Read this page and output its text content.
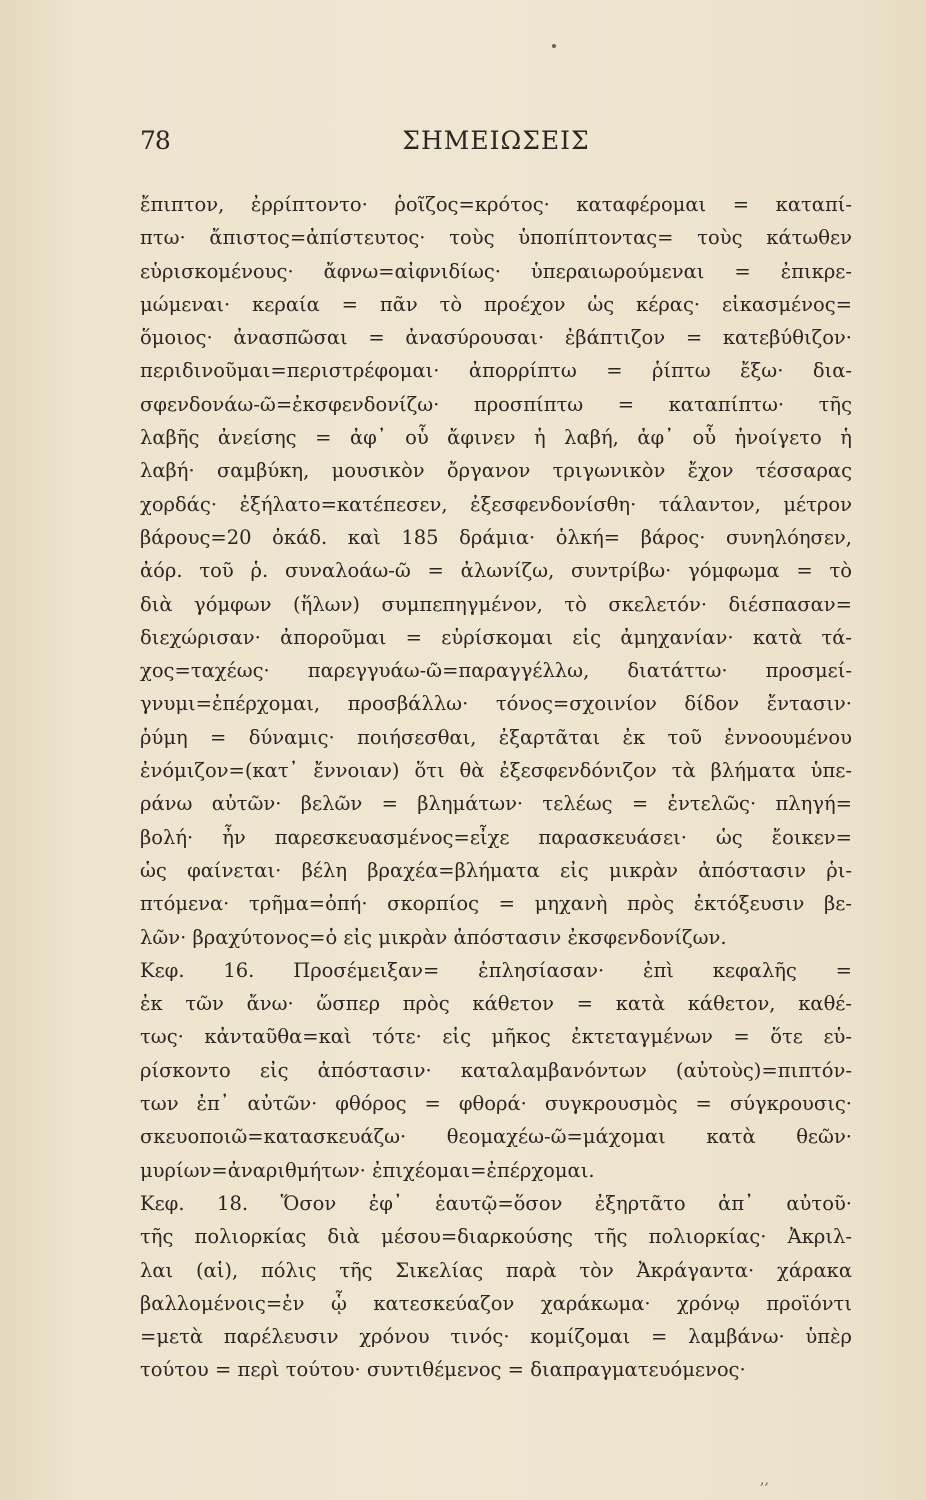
78	ΣΗΜΕΙΩΣΕΙΣ
ἔπιπτον, ἐρρίπτοντο· ῥοῖζος=κρότος· καταφέρομαι = καταπί-
πτω· ἄπιστος=ἀπίστευτος· τοὺς ὑποπίπτοντας= τοὺς κάτωθεν
εὑρισκομένους· ἄφνω=αἰφνιδίως· ὑπεραιωρούμεναι = ἐπικρε-
μώμεναι· κεραία = πᾶν τὸ προέχον ὡς κέρας· εἰκασμένος=
ὅμοιος· ἀνασπῶσαι = ἀνασύρουσαι· ἐβάπτιζον = κατεβύθιζον·
περιδινοῦμαι=περιστρέφομαι· ἀπορρίπτω = ῥίπτω ἔξω· δια-
σφενδονάω-ῶ=ἐκσφενδονίζω· προσπίπτω = καταπίπτω· τῆς
λαβῆς ἀνείσης = ἀφ᾽ οὗ ἄφινεν ἡ λαβή, ἀφ᾽ οὗ ἠνοίγετο ἡ
λαβή· σαμβύκη, μουσικὸν ὄργανον τριγωνικὸν ἔχον τέσσαρας
χορδάς· ἐξήλατο=κατέπεσεν, ἐξεσφενδονίσθη· τάλαντον, μέτρον
βάρους=20 ὀκάδ. καὶ 185 δράμια· ὁλκή= βάρος· συνηλόησεν,
ἀόρ. τοῦ ῥ. συναλοάω-ῶ = ἀλωνίζω, συντρίβω· γόμφωμα = τὸ
διὰ γόμφων (ἥλων) συμπεπηγμένον, τὸ σκελετόν· διέσπασαν=
διεχώρισαν· ἀποροῦμαι = εὑρίσκομαι εἰς ἀμηχανίαν· κατὰ τά-
χος=ταχέως· παρεγγυάω-ῶ=παραγγέλλω, διατάττω· προσμεί-
γνυμι=ἐπέρχομαι, προσβάλλω· τόνος=σχοινίον δίδον ἔντασιν·
ῥύμη = δύναμις· ποιήσεσθαι, ἐξαρτᾶται ἐκ τοῦ ἐννοουμένου
ἐνόμιζον=(κατ᾽ ἔννοιαν) ὅτι θὰ ἐξεσφενδόνιζον τὰ βλήματα ὑπε-
ράνω αὐτῶν· βελῶν = βλημάτων· τελέως = ἐντελῶς· πληγή=
βολή· ἦν παρεσκευασμένος=εἶχε παρασκευάσει· ὡς ἔοικεν=
ὡς φαίνεται· βέλη βραχέα=βλήματα εἰς μικρὰν ἀπόστασιν ῥι-
πτόμενα· τρῆμα=ὀπή· σκορπίος = μηχανὴ πρὸς ἐκτόξευσιν βε-
λῶν· βραχύτονος=ὁ εἰς μικρὰν ἀπόστασιν ἐκσφενδονίζων.
Κεφ. 16. Προσέμειξαν= ἐπλησίασαν· ἐπὶ κεφαλῆς =
ἐκ τῶν ἄνω· ὥσπερ πρὸς κάθετον = κατὰ κάθετον, καθέ-
τως· κἀνταῦθα=καὶ τότε· εἰς μῆκος ἐκτεταγμένων = ὅτε εὑ-
ρίσκοντο εἰς ἀπόστασιν· καταλαμβανόντων (αὐτοὺς)=πιπτόν-
των ἐπ᾽ αὐτῶν· φθόρος = φθορά· συγκρουσμὸς = σύγκρουσις·
σκευοποιῶ=κατασκευάζω· θεομαχέω-ῶ=μάχομαι κατὰ θεῶν·
μυρίων=ἀναριθμήτων· ἐπιχέομαι=ἐπέρχομαι.
Κεφ. 18. Ὅσον ἐφ᾽ ἑαυτῷ=ὅσον ἐξηρτᾶτο ἀπ᾽ αὐτοῦ·
τῆς πολιορκίας διὰ μέσου=διαρκούσης τῆς πολιορκίας· Ἀκριλ-
λαι (αἱ), πόλις τῆς Σικελίας παρὰ τὸν Ἀκράγαντα· χάρακα
βαλλομένοις=ἐν ᾧ κατεσκεύαζον χαράκωμα· χρόνῳ προϊόντι
=μετὰ παρέλευσιν χρόνου τινός· κομίζομαι = λαμβάνω· ὑπὲρ
τούτου = περὶ τούτου· συντιθέμενος = διαπραγματευόμενος·
,,
